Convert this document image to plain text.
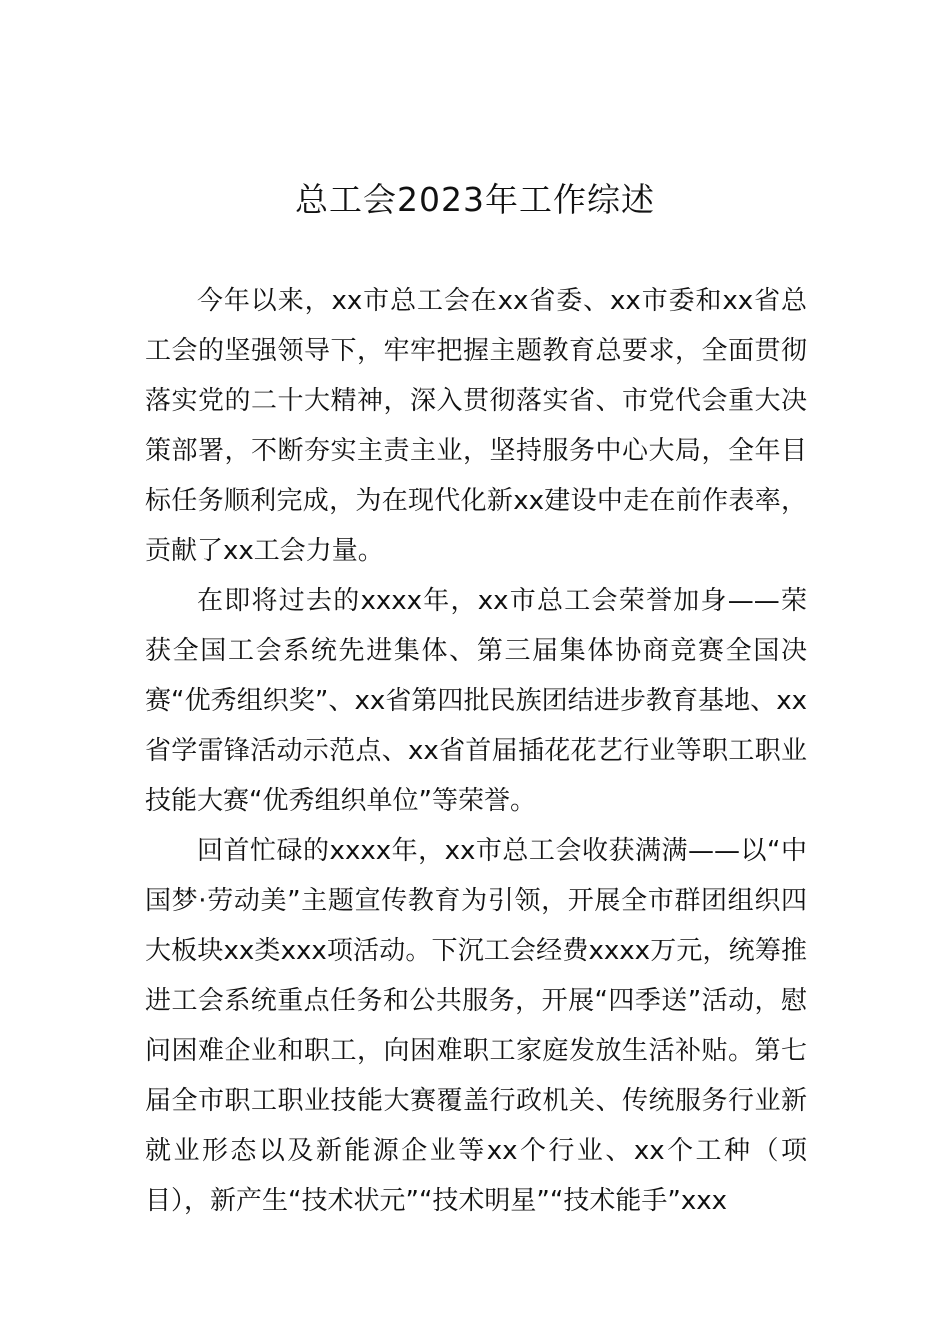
总工会2023年工作综述

今年以来，xx市总工会在xx省委、xx市委和xx省总工会的坚强领导下，牢牢把握主题教育总要求，全面贯彻落实党的二十大精神，深入贯彻落实省、市党代会重大决策部署，不断夯实主责主业，坚持服务中心大局，全年目标任务顺利完成，为在现代化新xx建设中走在前作表率，贡献了xx工会力量。

在即将过去的xxxx年，xx市总工会荣誉加身——荣获全国工会系统先进集体、第三届集体协商竞赛全国决赛“优秀组织奖”、xx省第四批民族团结进步教育基地、xx省学雷锋活动示范点、xx省首届插花花艺行业等职工职业技能大赛“优秀组织单位”等荣誉。

回首忙碌的xxxx年，xx市总工会收获满满——以“中国梦·劳动美”主题宣传教育为引领，开展全市群团组织四大板块xx类xxx项活动。下沉工会经费xxxx万元，统筹推进工会系统重点任务和公共服务，开展“四季送”活动，慰问困难企业和职工，向困难职工家庭发放生活补贴。第七届全市职工职业技能大赛覆盖行政机关、传统服务行业新就业形态以及新能源企业等xx个行业、xx个工种（项目），新产生“技术状元”“技术明星”“技术能手”xxx
